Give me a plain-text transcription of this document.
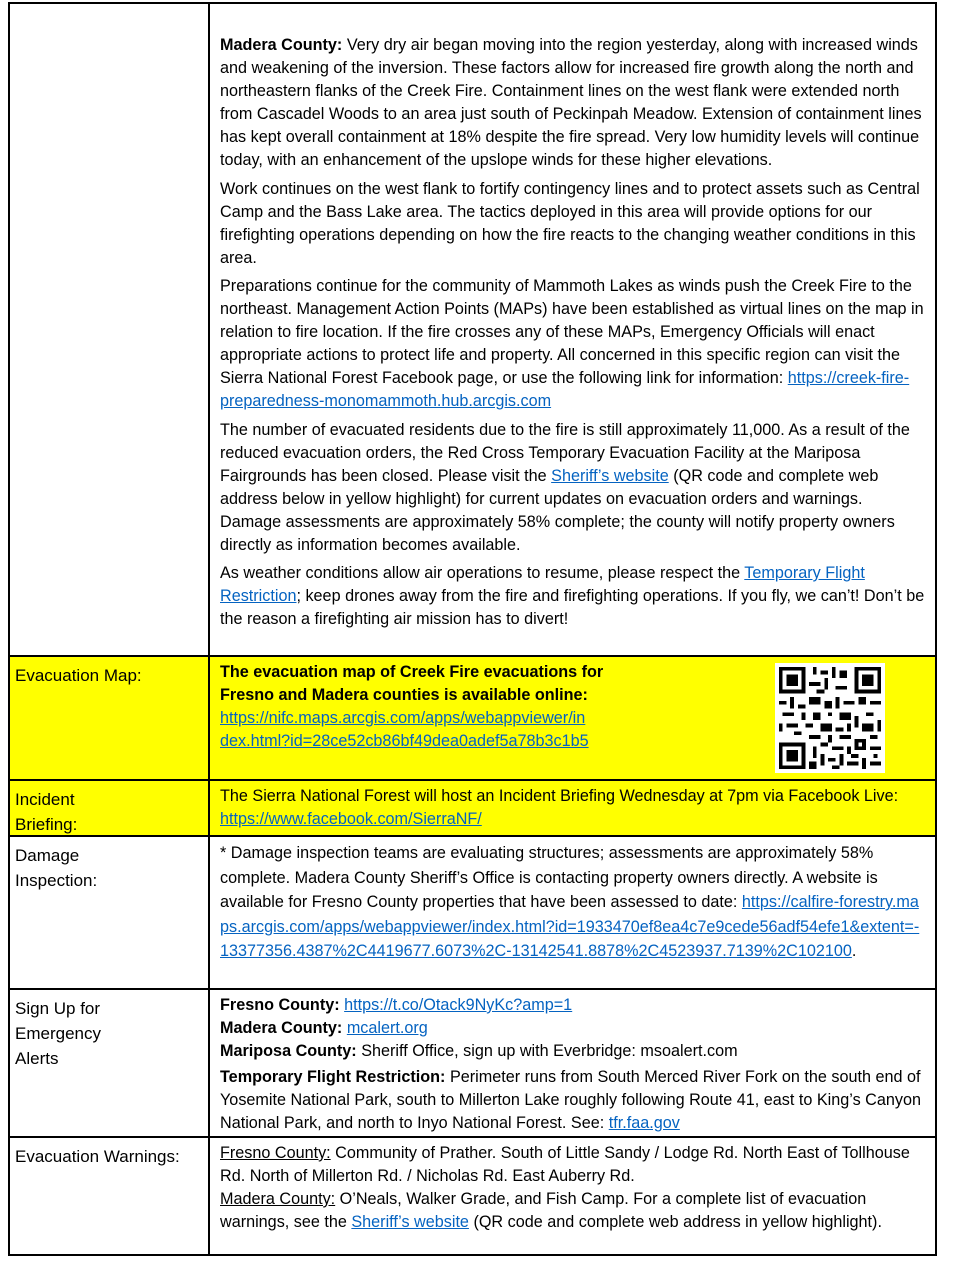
Madera County: Very dry air began moving into the region yesterday, along with increased winds and weakening of the inversion. These factors allow for increased fire growth along the north and northeastern flanks of the Creek Fire. Containment lines on the west flank were extended north from Cascadel Woods to an area just south of Peckinpah Meadow. Extension of containment lines has kept overall containment at 18% despite the fire spread. Very low humidity levels will continue today, with an enhancement of the upslope winds for these higher elevations.

Work continues on the west flank to fortify contingency lines and to protect assets such as Central Camp and the Bass Lake area. The tactics deployed in this area will provide options for our firefighting operations depending on how the fire reacts to the changing weather conditions in this area.

Preparations continue for the community of Mammoth Lakes as winds push the Creek Fire to the northeast. Management Action Points (MAPs) have been established as virtual lines on the map in relation to fire location. If the fire crosses any of these MAPs, Emergency Officials will enact appropriate actions to protect life and property. All concerned in this specific region can visit the Sierra National Forest Facebook page, or use the following link for information: https://creek-fire-preparedness-monomammoth.hub.arcgis.com

The number of evacuated residents due to the fire is still approximately 11,000. As a result of the reduced evacuation orders, the Red Cross Temporary Evacuation Facility at the Mariposa Fairgrounds has been closed. Please visit the Sheriff’s website (QR code and complete web address below in yellow highlight) for current updates on evacuation orders and warnings. Damage assessments are approximately 58% complete; the county will notify property owners directly as information becomes available.

As weather conditions allow air operations to resume, please respect the Temporary Flight Restriction; keep drones away from the fire and firefighting operations. If you fly, we can’t! Don’t be the reason a firefighting air mission has to divert!

Evacuation Map:	The evacuation map of Creek Fire evacuations for
Fresno and Madera counties is available online:
https://nifc.maps.arcgis.com/apps/webappviewer/in
dex.html?id=28ce52cb86bf49dea0adef5a78b3c1b5
Incident Briefing:
The Sierra National Forest will host an Incident Briefing Wednesday at 7pm via Facebook Live: https://www.facebook.com/SierraNF/
Damage Inspection:
* Damage inspection teams are evaluating structures; assessments are approximately 58% complete. Madera County Sheriff’s Office is contacting property owners directly. A website is available for Fresno County properties that have been assessed to date: https://calfire-forestry.maps.arcgis.com/apps/webappviewer/index.html?id=1933470ef8ea4c7e9cede56adf54efe1&extent=-13377356.4387%2C4419677.6073%2C-13142541.8878%2C4523937.7139%2C102100.
Sign Up for Emergency Alerts
Fresno County: https://t.co/Otack9NyKc?amp=1
Madera County: mcalert.org
Mariposa County: Sheriff Office, sign up with Everbridge: msoalert.com
Temporary Flight Restriction: Perimeter runs from South Merced River Fork on the south end of Yosemite National Park, south to Millerton Lake roughly following Route 41, east to King’s Canyon National Park, and north to Inyo National Forest. See: tfr.faa.gov
Evacuation Warnings:	Fresno County: Community of Prather. South of Little Sandy / Lodge Rd. North East of Tollhouse Rd. North of Millerton Rd. / Nicholas Rd. East Auberry Rd.
Madera County: O’Neals, Walker Grade, and Fish Camp. For a complete list of evacuation warnings, see the Sheriff’s website (QR code and complete web address in yellow highlight).
